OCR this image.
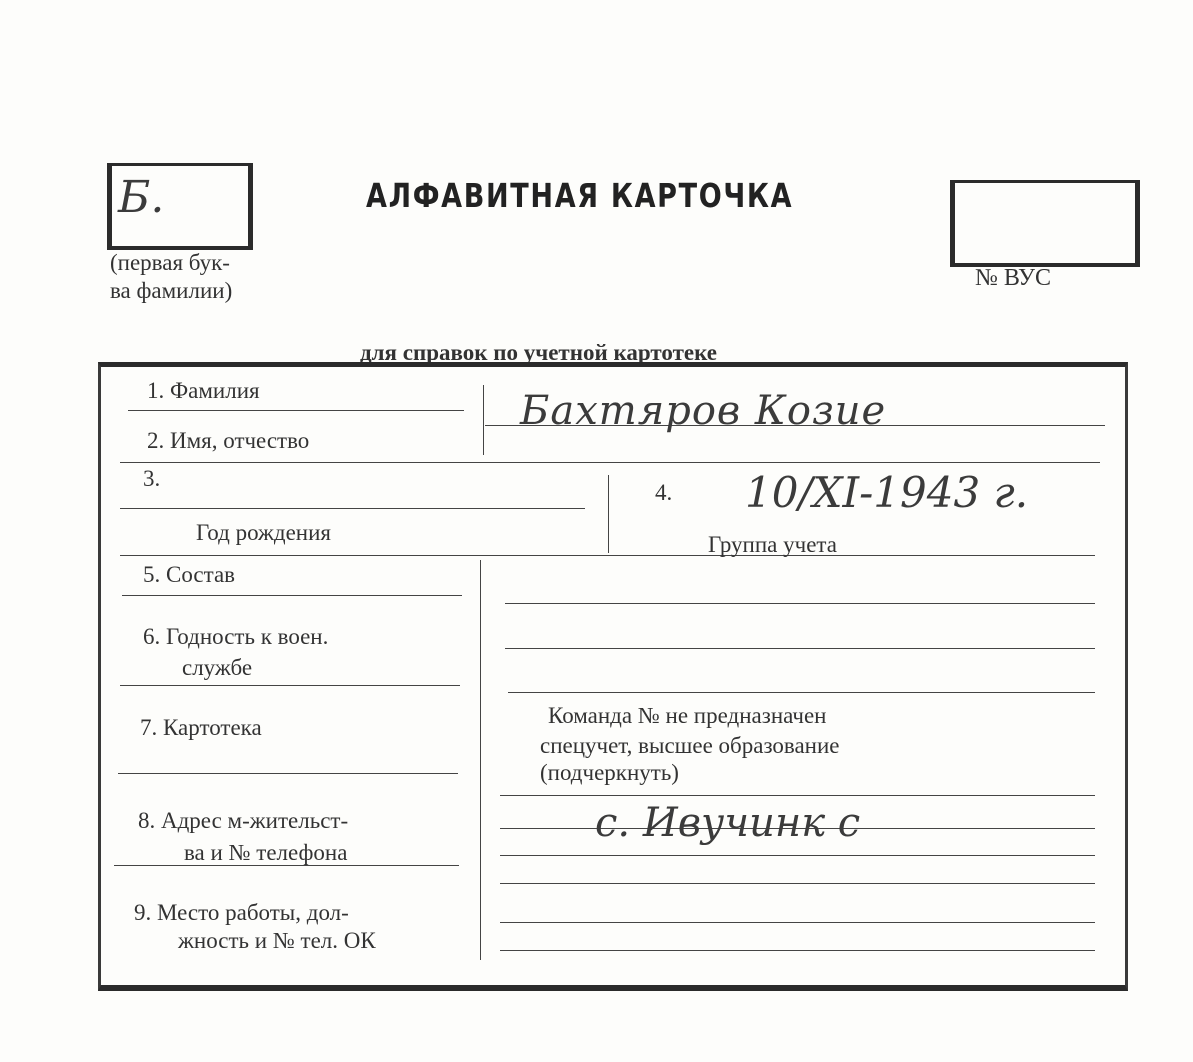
Б.
(первая бук-
ва фамилии)
АЛФАВИТНАЯ КАРТОЧКА
№ ВУС
для справок по учетной картотеке
1. Фамилия
2. Имя, отчество
Бахтяров Козие
3.
Год рождения
4. 10/XI-1943 г.
Группа учета
5. Состав
6. Годность к воен.
службе
7. Картотека	Команда № не предназначен
спецучет, высшее образование
(подчеркнуть)
8. Адрес м-жительст-
ва и № телефона
с. Ивучинк с
9. Место работы, дол-
жность и № тел. ОК
